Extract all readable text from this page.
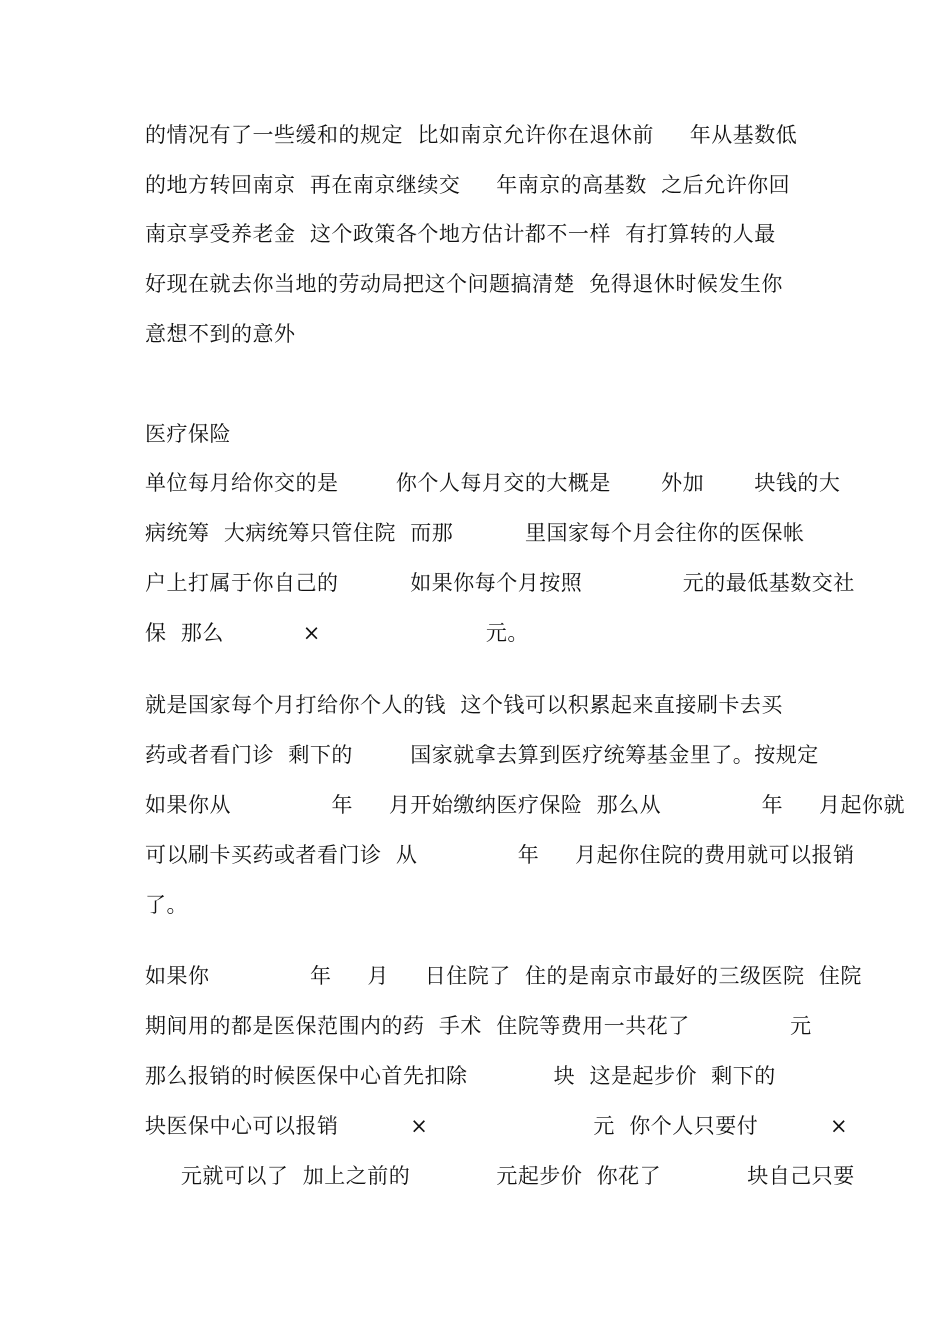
的情况有了一些缓和的规定  比如南京允许你在退休前     年从基数低
的地方转回南京  再在南京继续交     年南京的高基数  之后允许你回
南京享受养老金  这个政策各个地方估计都不一样  有打算转的人最
好现在就去你当地的劳动局把这个问题搞清楚  免得退休时候发生你
意想不到的意外
医疗保险
单位每月给你交的是        你个人每月交的大概是       外加       块钱的大
病统筹  大病统筹只管住院  而那          里国家每个月会往你的医保帐
户上打属于你自己的          如果你每个月按照              元的最低基数交社
保  那么           ×                       元。
就是国家每个月打给你个人的钱  这个钱可以积累起来直接刷卡去买
药或者看门诊  剩下的        国家就拿去算到医疗统筹基金里了。按规定
如果你从              年     月开始缴纳医疗保险  那么从              年     月起你就
可以刷卡买药或者看门诊  从              年     月起你住院的费用就可以报销
了。
如果你              年     月     日住院了  住的是南京市最好的三级医院  住院
期间用的都是医保范围内的药  手术  住院等费用一共花了              元
那么报销的时候医保中心首先扣除            块  这是起步价  剩下的
块医保中心可以报销          ×                       元  你个人只要付          ×
元就可以了  加上之前的            元起步价  你花了            块自己只要
